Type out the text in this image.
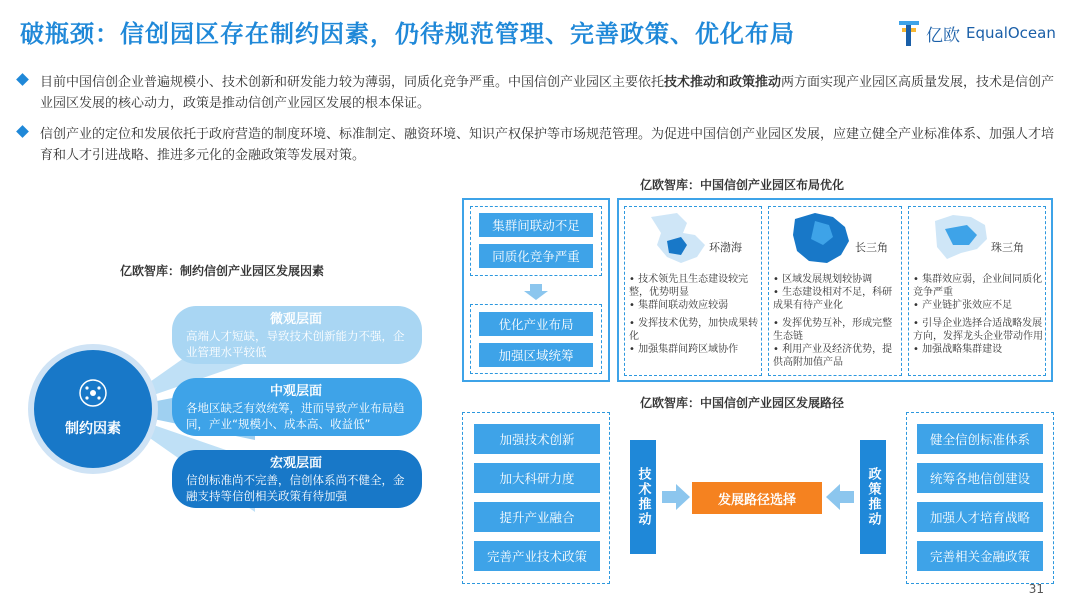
破瓶颈：信创园区存在制约因素，仍待规范管理、完善政策、优化布局	亿欧 EqualOcean
目前中国信创企业普遍规模小、技术创新和研发能力较为薄弱，同质化竞争严重。中国信创产业园区主要依托技术推动和政策推动两方面实现产业园区高质量发展，技术是信创产业园区发展的核心动力，政策是推动信创产业园区发展的根本保证。
信创产业的定位和发展依托于政府营造的制度环境、标准制定、融资环境、知识产权保护等市场规范管理。为促进中国信创产业园区发展，应建立健全产业标准体系、加强人才培育和人才引进战略、推进多元化的金融政策等发展对策。
亿欧智库：制约信创产业园区发展因素
微观层面
高端人才短缺，导致技术创新能力不强，企业管理水平较低
中观层面
各地区缺乏有效统筹，进而导致产业布局趋同，产业“规模小、成本高、收益低”
宏观层面
信创标准尚不完善，信创体系尚不健全，金融支持等信创相关政策有待加强
制约因素
亿欧智库：中国信创产业园区布局优化
集群间联动不足
同质化竞争严重
优化产业布局
加强区域统筹
环渤海

• 技术领先且生态建设较完整，优势明显

• 集群间联动效应较弱

• 发挥技术优势，加快成果转化

• 加强集群间跨区域协作

长三角

• 区域发展规划较协调

• 生态建设相对不足，科研成果有待产业化

• 发挥优势互补，形成完整生态链

• 利用产业及经济优势，提供高附加值产品

珠三角

• 集群效应弱，企业间同质化竞争严重

• 产业链扩张效应不足

• 引导企业选择合适战略发展方向，发挥龙头企业带动作用

• 加强战略集群建设

亿欧智库：中国信创产业园区发展路径
加强技术创新
加大科研力度
提升产业融合
完善产业技术政策
技术推动	发展路径选择	政策推动
健全信创标准体系
统筹各地信创建设
加强人才培育战略
完善相关金融政策
31
